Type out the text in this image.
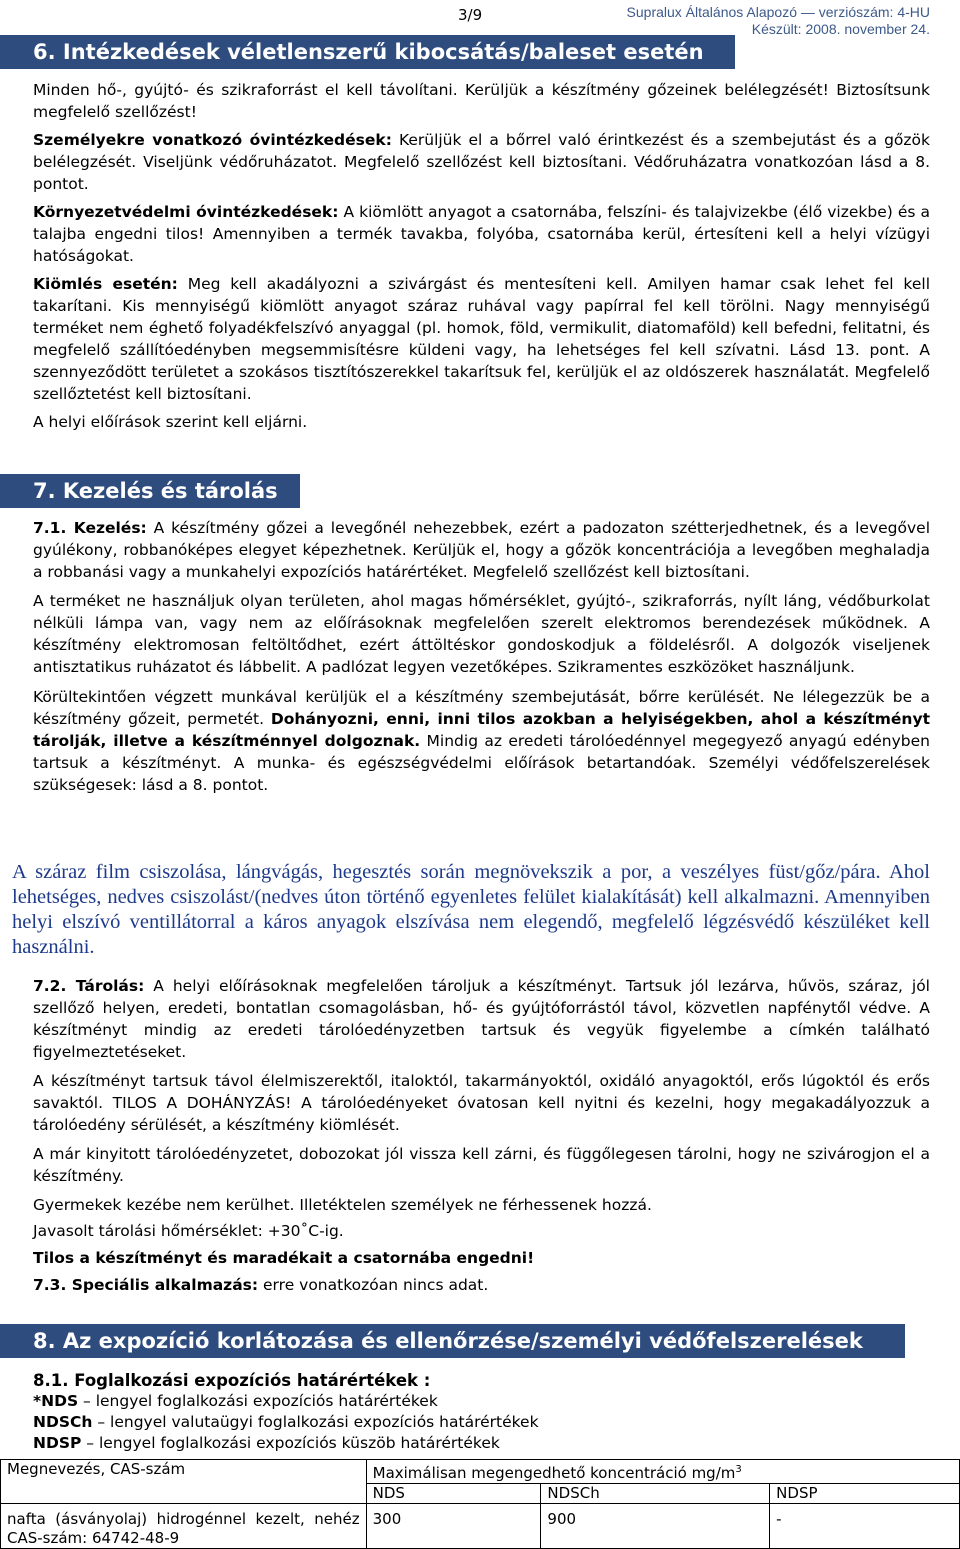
3/9	Supralux Általános Alapozó — verziószám: 4-HU
Készült: 2008. november 24.
6. Intézkedések véletlenszerű kibocsátás/baleset esetén

Minden hő-, gyújtó- és szikraforrást el kell távolítani. Kerüljük a készítmény gőzeinek belélegzését! Biztosítsunk megfelelő szellőzést!

Személyekre vonatkozó óvintézkedések: Kerüljük el a bőrrel való érintkezést és a szembejutást és a gőzök belélegzését. Viseljünk védőruházatot. Megfelelő szellőzést kell biztosítani. Védőruházatra vonatkozóan lásd a 8. pontot.

Környezetvédelmi óvintézkedések: A kiömlött anyagot a csatornába, felszíni- és talajvizekbe (élő vizekbe) és a talajba engedni tilos! Amennyiben a termék tavakba, folyóba, csatornába kerül, értesíteni kell a helyi vízügyi hatóságokat.

Kiömlés esetén: Meg kell akadályozni a szivárgást és mentesíteni kell. Amilyen hamar csak lehet fel kell takarítani. Kis mennyiségű kiömlött anyagot száraz ruhával vagy papírral fel kell törölni. Nagy mennyiségű terméket nem éghető folyadékfelszívó anyaggal (pl. homok, föld, vermikulit, diatomaföld) kell befedni, felitatni, és megfelelő szállítóedényben megsemmisítésre küldeni vagy, ha lehetséges fel kell szívatni. Lásd 13. pont. A szennyeződött területet a szokásos tisztítószerekkel takarítsuk fel, kerüljük el az oldószerek használatát. Megfelelő szellőztetést kell biztosítani.

A helyi előírások szerint kell eljárni.

7. Kezelés és tárolás

7.1. Kezelés: A készítmény gőzei a levegőnél nehezebbek, ezért a padozaton szétterjedhetnek, és a levegővel gyúlékony, robbanóképes elegyet képezhetnek. Kerüljük el, hogy a gőzök koncentrációja a levegőben meghaladja a robbanási vagy a munkahelyi expozíciós határértéket. Megfelelő szellőzést kell biztosítani.

A terméket ne használjuk olyan területen, ahol magas hőmérséklet, gyújtó-, szikraforrás, nyílt láng, védőburkolat nélküli lámpa van, vagy nem az előírásoknak megfelelően szerelt elektromos berendezések működnek. A készítmény elektromosan feltöltődhet, ezért áttöltéskor gondoskodjuk a földelésről. A dolgozók viseljenek antisztatikus ruházatot és lábbelit. A padlózat legyen vezetőképes. Szikramentes eszközöket használjunk.

Körültekintően végzett munkával kerüljük el a készítmény szembejutását, bőrre kerülését. Ne lélegezzük be a készítmény gőzeit, permetét. Dohányozni, enni, inni tilos azokban a helyiségekben, ahol a készítményt tárolják, illetve a készítménnyel dolgoznak. Mindig az eredeti tárolóedénnyel megegyező anyagú edényben tartsuk a készítményt. A munka- és egészségvédelmi előírások betartandóak. Személyi védőfelszerelések szükségesek: lásd a 8. pontot.

A száraz film csiszolása, lángvágás, hegesztés során megnövekszik a por, a veszélyes füst/gőz/pára. Ahol lehetséges, nedves csiszolást/(nedves úton történő egyenletes felület kialakítását) kell alkalmazni. Amennyiben helyi elszívó ventillátorral a káros anyagok elszívása nem elegendő, megfelelő légzésvédő készüléket kell használni.

7.2. Tárolás: A helyi előírásoknak megfelelően tároljuk a készítményt. Tartsuk jól lezárva, hűvös, száraz, jól szellőző helyen, eredeti, bontatlan csomagolásban, hő- és gyújtóforrástól távol, közvetlen napfénytől védve. A készítményt mindig az eredeti tárolóedényzetben tartsuk és vegyük figyelembe a címkén található figyelmeztetéseket.

A készítményt tartsuk távol élelmiszerektől, italoktól, takarmányoktól, oxidáló anyagoktól, erős lúgoktól és erős savaktól. TILOS A DOHÁNYZÁS! A tárolóedényeket óvatosan kell nyitni és kezelni, hogy megakadályozzuk a tárolóedény sérülését, a készítmény kiömlését.

A már kinyitott tárolóedényzetet, dobozokat jól vissza kell zárni, és függőlegesen tárolni, hogy ne szivárogjon el a készítmény.

Gyermekek kezébe nem kerülhet. Illetéktelen személyek ne férhessenek hozzá.

Javasolt tárolási hőmérséklet: +30˚C-ig.

Tilos a készítményt és maradékait a csatornába engedni!

7.3. Speciális alkalmazás: erre vonatkozóan nincs adat.

8. Az expozíció korlátozása és ellenőrzése/személyi védőfelszerelések

8.1. Foglalkozási expozíciós határértékek :

*NDS – lengyel foglalkozási expozíciós határértékek

NDSCh – lengyel valutaügyi foglalkozási expozíciós határértékek

NDSP – lengyel foglalkozási expozíciós küszöb határértékek

Megnevezés, CAS-szám	Maximálisan megengedhető koncentráció $mg/m^3$
	NDS	NDSCh	NDSP
nafta (ásványolaj) hidrogénnel kezelt, nehéz CAS-szám: 64742-48-9	300	900	-
